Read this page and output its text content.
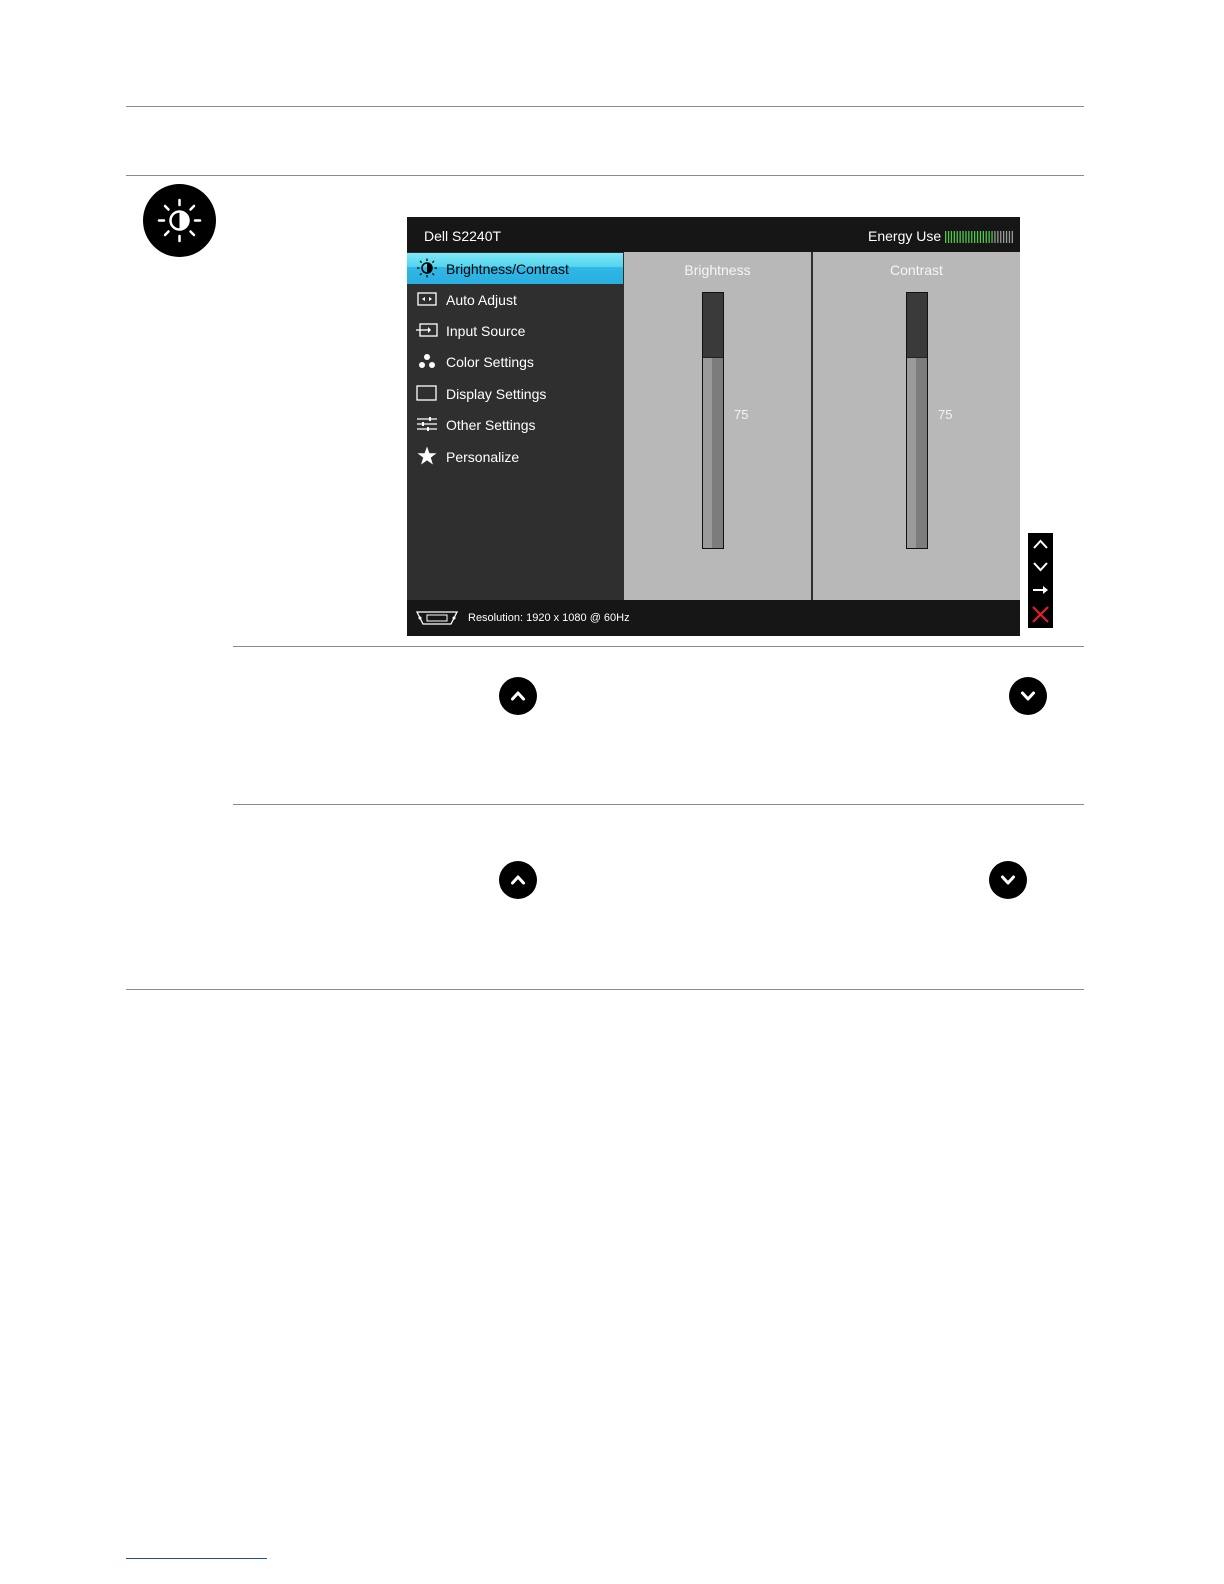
Dell S2240T	Energy Use
Brightness/Contrast
Auto Adjust
Input Source
Color Settings
Display Settings
Other Settings
Personalize
Brightness
75
Contrast
75
Resolution: 1920 x 1080 @ 60Hz
